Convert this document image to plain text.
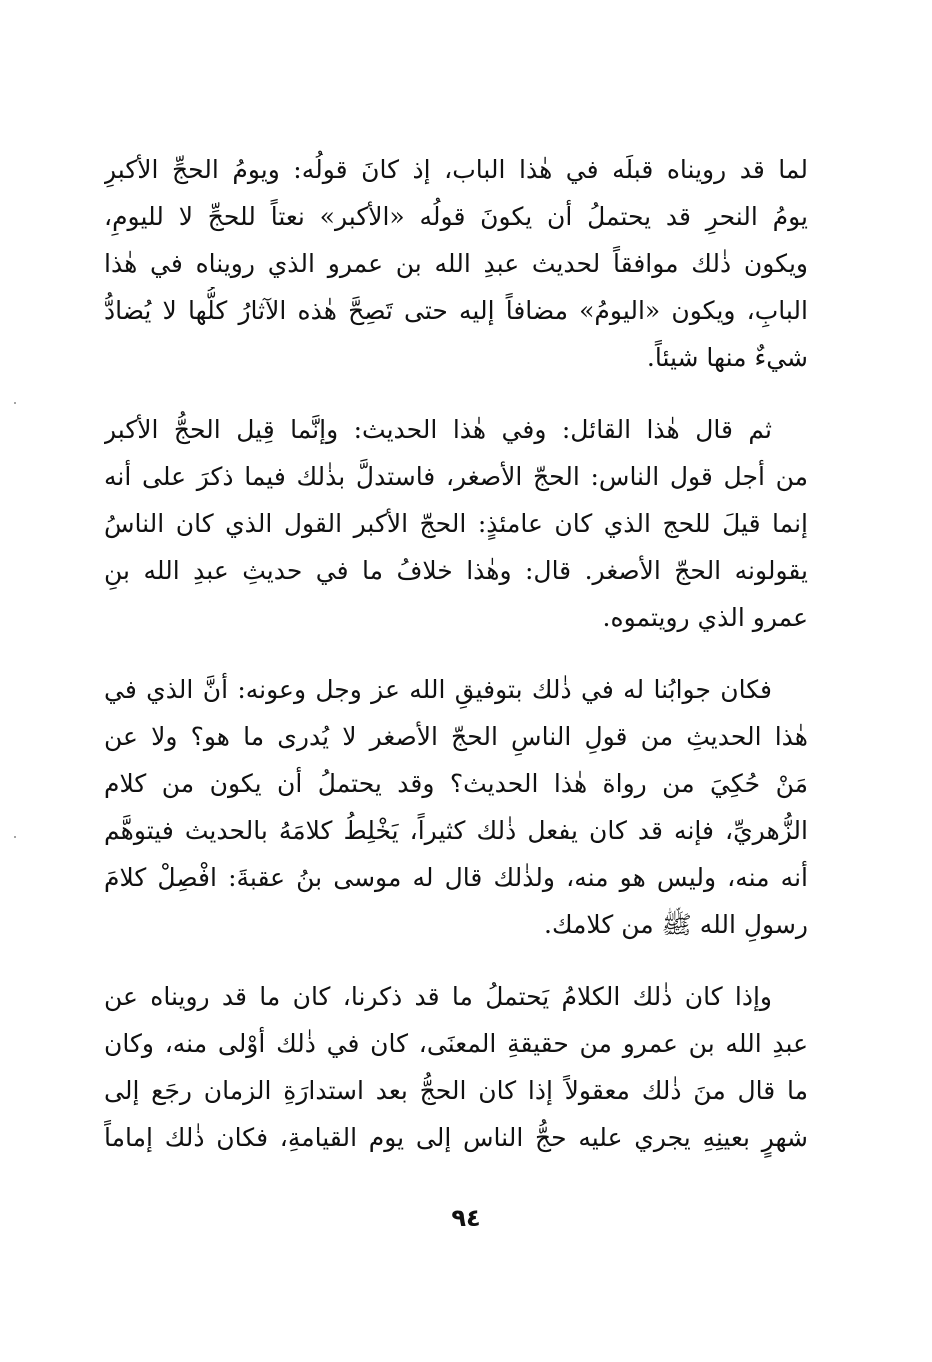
لما قد رويناه قبلَه في هٰذا الباب، إذ كانَ قولُه: ويومُ الحجِّ الأكبرِ
يومُ النحرِ قد يحتملُ أن يكونَ قولُه «الأكبر» نعتاً للحجِّ لا لليومِ،
ويكون ذٰلك موافقاً لحديث عبدِ الله بن عمرو الذي رويناه في هٰذا
البابِ، ويكون «اليومُ» مضافاً إليه حتى تَصِحَّ هٰذه الآثارُ كلُّها لا يُضادُّ
شيءٌ منها شيئاً.
ثم قال هٰذا القائل: وفي هٰذا الحديث: وإنَّما قِيل الحجُّ الأكبر
من أجل قول الناس: الحجّ الأصغر، فاستدلَّ بذٰلك فيما ذكرَ على أنه
إنما قيلَ للحج الذي كان عامئذٍ: الحجّ الأكبر القول الذي كان الناسُ
يقولونه الحجّ الأصغر. قال: وهٰذا خلافُ ما في حديثِ عبدِ الله بنِ
عمرو الذي رويتموه.
فكان جوابُنا له في ذٰلك بتوفيقِ الله عز وجل وعونه: أنَّ الذي في
هٰذا الحديثِ من قولِ الناسِ الحجّ الأصغر لا يُدرى ما هو؟ ولا عن
مَنْ حُكِيَ من رواة هٰذا الحديث؟ وقد يحتملُ أن يكون من كلام
الزُّهريِّ، فإنه قد كان يفعل ذٰلك كثيراً، يَخْلِطُ كلامَهُ بالحديث فيتوهَّم
أنه منه، وليس هو منه، ولذٰلك قال له موسى بنُ عقبةَ: افْصِلْ كلامَ
رسولِ الله ﷺ من كلامك.
وإذا كان ذٰلك الكلامُ يَحتملُ ما قد ذكرنا، كان ما قد رويناه عن
عبدِ الله بن عمرو من حقيقةِ المعنَى، كان في ذٰلك أوْلى منه، وكان
ما قال منَ ذٰلك معقولاً إذا كان الحجُّ بعد استدارَةِ الزمان رجَع إلى
شهرٍ بعينِهِ يجري عليه حجُّ الناس إلى يوم القيامةِ، فكان ذٰلك إماماً
٩٤
